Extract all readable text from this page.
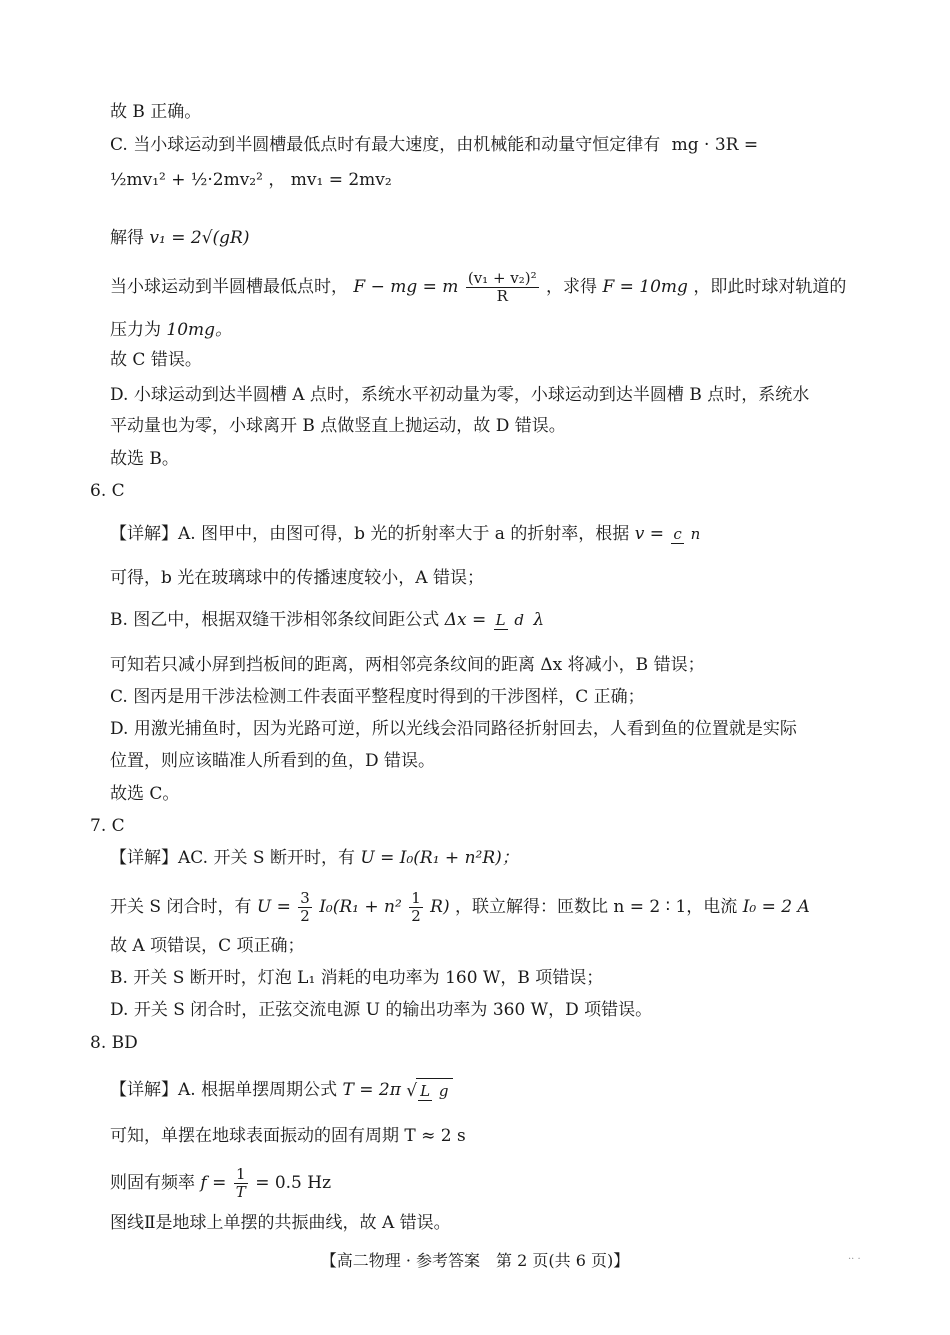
故 B 正确。
C. 当小球运动到半圆槽最低点时有最大速度，由机械能和动量守恒定律有 mg · 3R =
½mv₁² + ½·2mv₂² ， mv₁ = 2mv₂
解得 v₁ = 2√(gR)
当小球运动到半圆槽最低点时， F − mg = m $\frac{\text{(v₁ + v₂)²}}{R}$ ，求得 F = 10mg ，即此时球对轨道的
压力为 10mg。
故 C 错误。
D. 小球运动到达半圆槽 A 点时，系统水平初动量为零，小球运动到达半圆槽 B 点时，系统水
平动量也为零，小球离开 B 点做竖直上抛运动，故 D 错误。
故选 B。
6. C
【详解】A. 图甲中，由图可得，b 光的折射率大于 a 的折射率，根据 v = c n
可得，b 光在玻璃球中的传播速度较小，A 错误；
B. 图乙中，根据双缝干涉相邻条纹间距公式 Δx = L d λ
可知若只减小屏到挡板间的距离，两相邻亮条纹间的距离 Δx 将减小，B 错误；
C. 图丙是用干涉法检测工件表面平整程度时得到的干涉图样，C 正确；
D. 用激光捕鱼时，因为光路可逆，所以光线会沿同路径折射回去，人看到鱼的位置就是实际
位置，则应该瞄准人所看到的鱼，D 错误。
故选 C。
7. C
【详解】AC. 开关 S 断开时，有 U = I₀(R₁ + n²R)；
开关 S 闭合时，有 $U = \frac{3}{2} I_0(R_1 + n^2 \frac{1}{2} R)$ ，联立解得：匝数比 n = 2 ∶ 1，电流 I₀ = 2 A
故 A 项错误，C 项正确；
B. 开关 S 断开时，灯泡 L₁ 消耗的电功率为 160 W，B 项错误；
D. 开关 S 闭合时，正弦交流电源 U 的输出功率为 360 W，D 项错误。
8. BD
【详解】A. 根据单摆周期公式 T = 2π √ L g
可知，单摆在地球表面振动的固有周期 T ≈ 2 s
则固有频率 $f = \frac{1}{T} = 0.5$ Hz
图线Ⅱ是地球上单摆的共振曲线，故 A 错误。
【高二物理 · 参考答案　第 2 页(共 6 页)】	·· ·
